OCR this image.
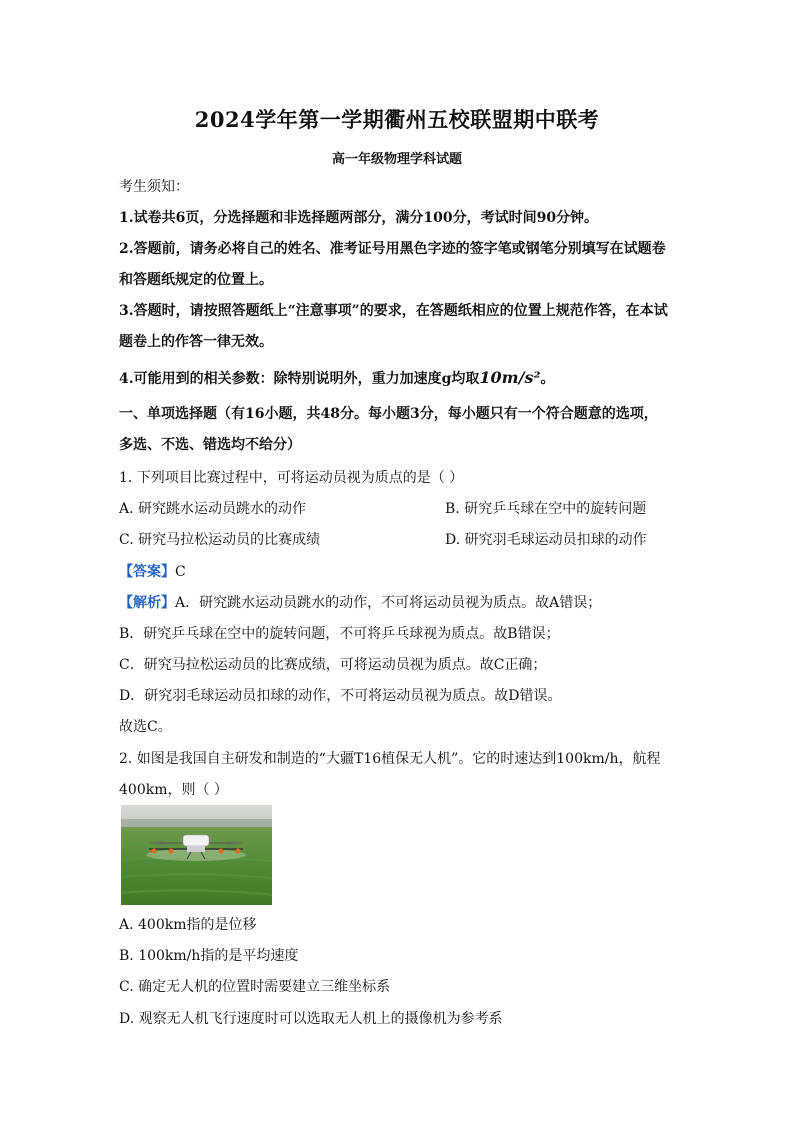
2024学年第一学期衢州五校联盟期中联考
高一年级物理学科试题
考生须知：
1.试卷共6页，分选择题和非选择题两部分，满分100分，考试时间90分钟。
2.答题前，请务必将自己的姓名、准考证号用黑色字迹的签字笔或钢笔分别填写在试题卷
和答题纸规定的位置上。
3.答题时，请按照答题纸上“注意事项”的要求，在答题纸相应的位置上规范作答，在本试
题卷上的作答一律无效。
4.可能用到的相关参数：除特别说明外，重力加速度g均取10m/s²。
一、单项选择题（有16小题，共48分。每小题3分，每小题只有一个符合题意的选项，
多选、不选、错选均不给分）
1. 下列项目比赛过程中，可将运动员视为质点的是（ ）
A. 研究跳水运动员跳水的动作	B. 研究乒乓球在空中的旋转问题
C. 研究马拉松运动员的比赛成绩	D. 研究羽毛球运动员扣球的动作
【答案】C
【解析】A．研究跳水运动员跳水的动作，不可将运动员视为质点。故A错误；
B．研究乒乓球在空中的旋转问题，不可将乒乓球视为质点。故B错误；
C．研究马拉松运动员的比赛成绩，可将运动员视为质点。故C正确；
D．研究羽毛球运动员扣球的动作，不可将运动员视为质点。故D错误。
故选C。
2. 如图是我国自主研发和制造的“大疆T16植保无人机”。它的时速达到100km/h，航程
400km，则（ ）
A. 400km指的是位移
B. 100km/h指的是平均速度
C. 确定无人机的位置时需要建立三维坐标系
D. 观察无人机飞行速度时可以选取无人机上的摄像机为参考系
